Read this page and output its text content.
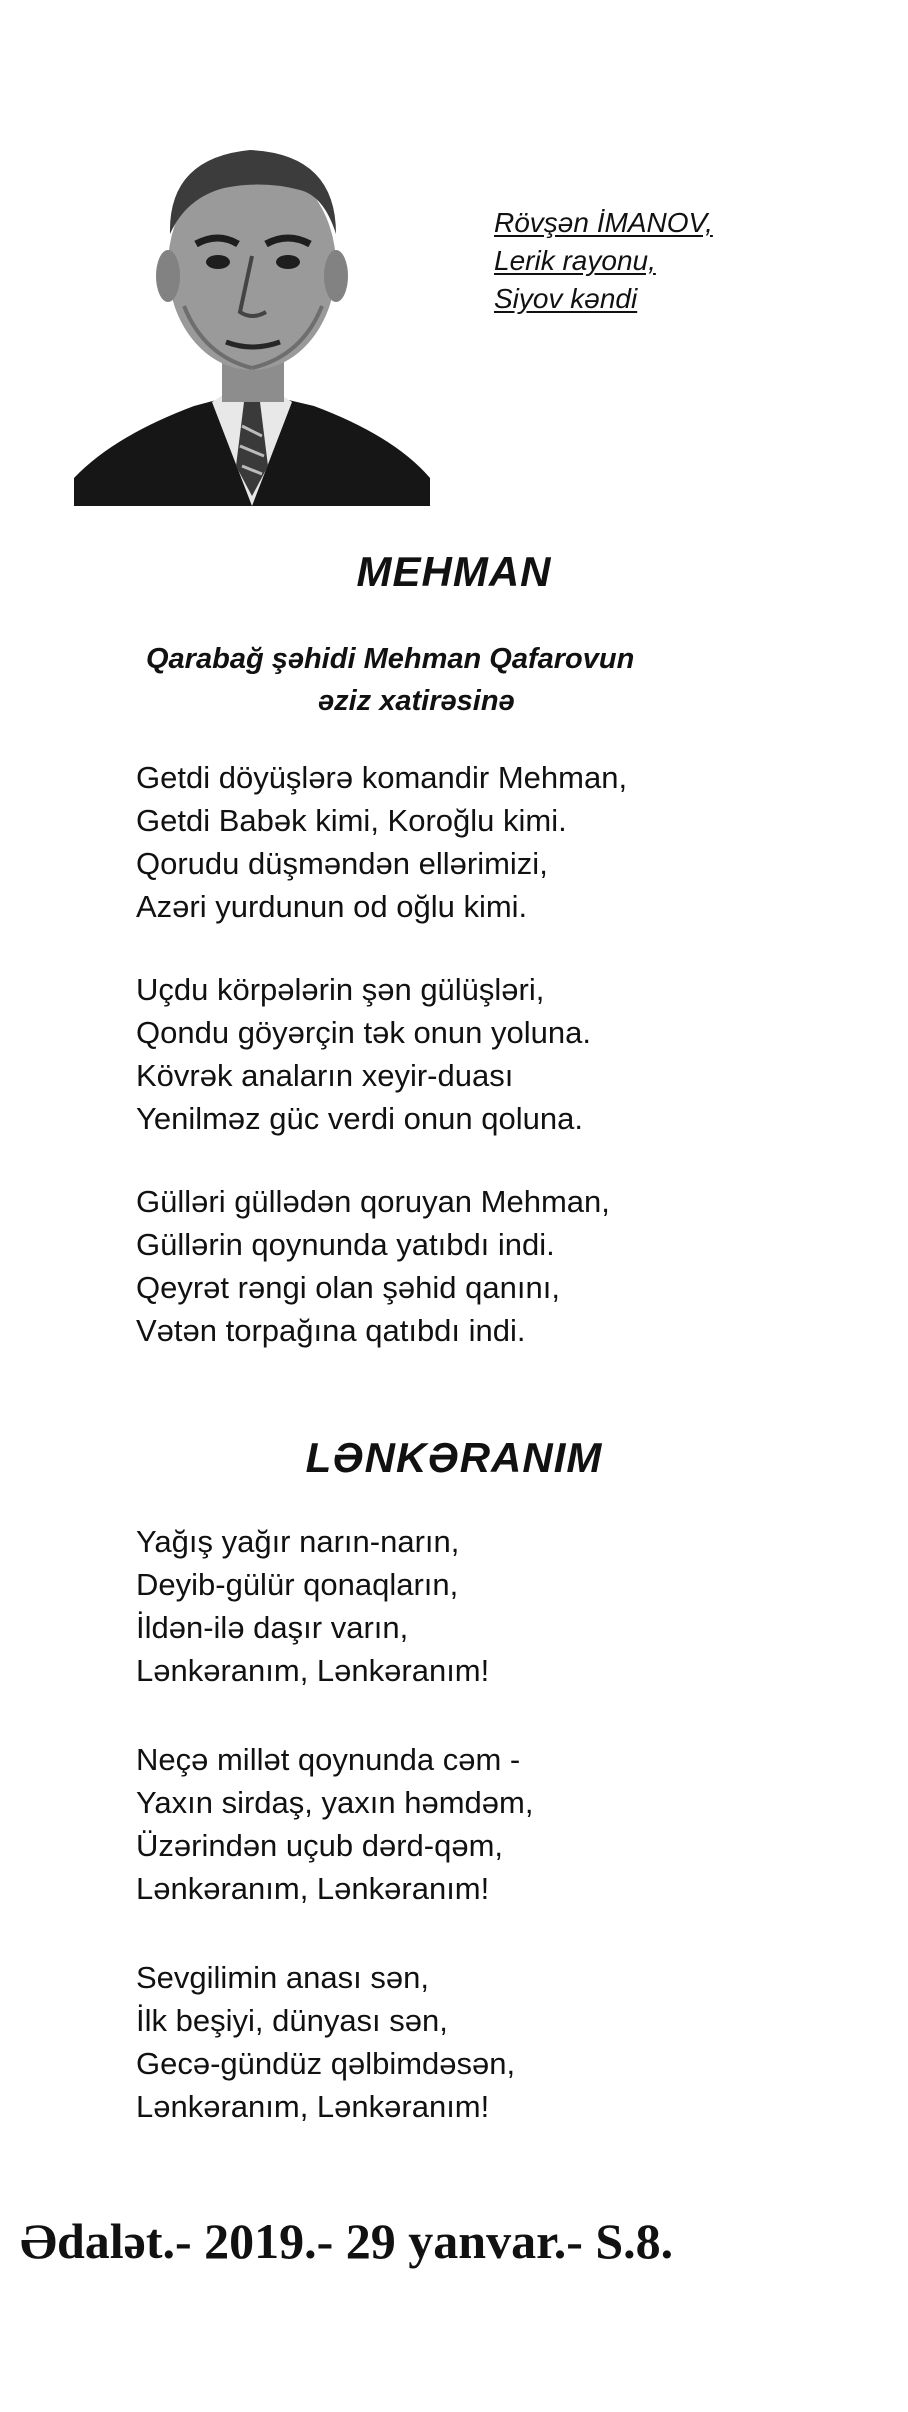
Rövşən İMANOV,
Lerik rayonu,
Siyov kəndi
MEHMAN
Qarabağ şəhidi Mehman Qafarovun
əziz xatirəsinə
Getdi döyüşlərə komandir Mehman,
Getdi Babək kimi, Koroğlu kimi.
Qorudu düşməndən ellərimizi,
Azəri yurdunun od oğlu kimi.
Uçdu körpələrin şən gülüşləri,
Qondu göyərçin tək onun yoluna.
Kövrək anaların xeyir-duası
Yenilməz güc verdi onun qoluna.
Gülləri güllədən qoruyan Mehman,
Güllərin qoynunda yatıbdı indi.
Qeyrət rəngi olan şəhid qanını,
Vətən torpağına qatıbdı indi.
LƏNKƏRANIM
Yağış yağır narın-narın,
Deyib-gülür qonaqların,
İldən-ilə daşır varın,
Lənkəranım, Lənkəranım!
Neçə millət qoynunda cəm -
Yaxın sirdaş, yaxın həmdəm,
Üzərindən uçub dərd-qəm,
Lənkəranım, Lənkəranım!
Sevgilimin anası sən,
İlk beşiyi, dünyası sən,
Gecə-gündüz qəlbimdəsən,
Lənkəranım, Lənkəranım!
Ədalət.- 2019.- 29 yanvar.- S.8.
